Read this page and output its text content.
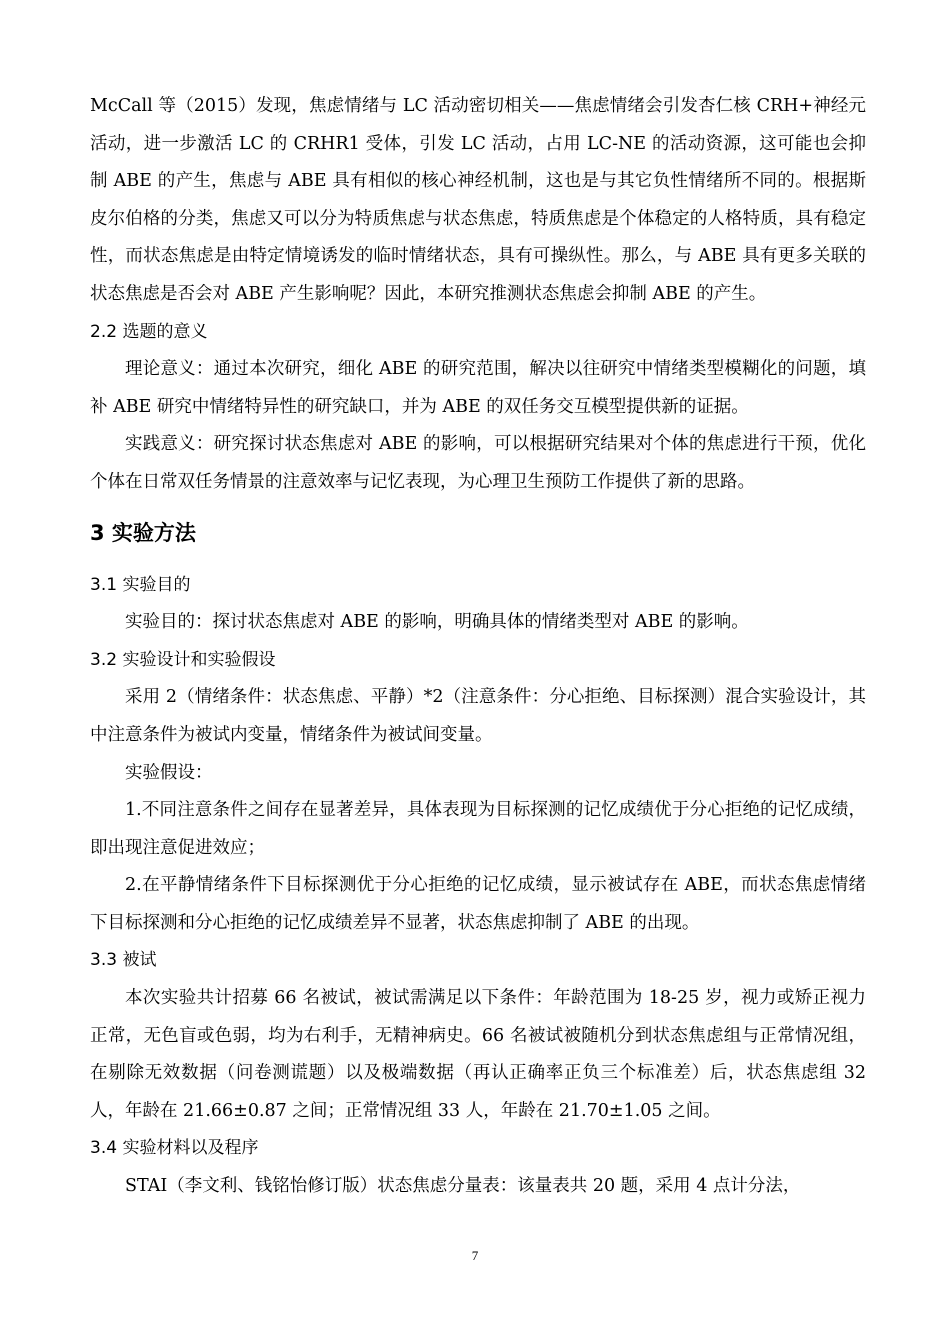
McCall 等（2015）发现，焦虑情绪与 LC 活动密切相关——焦虑情绪会引发杏仁核 CRH+神经元活动，进一步激活 LC 的 CRHR1 受体，引发 LC 活动，占用 LC-NE 的活动资源，这可能也会抑制 ABE 的产生，焦虑与 ABE 具有相似的核心神经机制，这也是与其它负性情绪所不同的。根据斯皮尔伯格的分类，焦虑又可以分为特质焦虑与状态焦虑，特质焦虑是个体稳定的人格特质，具有稳定性，而状态焦虑是由特定情境诱发的临时情绪状态，具有可操纵性。那么，与 ABE 具有更多关联的状态焦虑是否会对 ABE 产生影响呢？因此，本研究推测状态焦虑会抑制 ABE 的产生。

2.2 选题的意义

理论意义：通过本次研究，细化 ABE 的研究范围，解决以往研究中情绪类型模糊化的问题，填补 ABE 研究中情绪特异性的研究缺口，并为 ABE 的双任务交互模型提供新的证据。

实践意义：研究探讨状态焦虑对 ABE 的影响，可以根据研究结果对个体的焦虑进行干预，优化个体在日常双任务情景的注意效率与记忆表现，为心理卫生预防工作提供了新的思路。

3 实验方法

3.1 实验目的

实验目的：探讨状态焦虑对 ABE 的影响，明确具体的情绪类型对 ABE 的影响。

3.2 实验设计和实验假设

采用 2（情绪条件：状态焦虑、平静）*2（注意条件：分心拒绝、目标探测）混合实验设计，其中注意条件为被试内变量，情绪条件为被试间变量。

实验假设：

1.不同注意条件之间存在显著差异，具体表现为目标探测的记忆成绩优于分心拒绝的记忆成绩，即出现注意促进效应；

2.在平静情绪条件下目标探测优于分心拒绝的记忆成绩，显示被试存在 ABE，而状态焦虑情绪下目标探测和分心拒绝的记忆成绩差异不显著，状态焦虑抑制了 ABE 的出现。

3.3 被试

本次实验共计招募 66 名被试，被试需满足以下条件：年龄范围为 18-25 岁，视力或矫正视力正常，无色盲或色弱，均为右利手，无精神病史。66 名被试被随机分到状态焦虑组与正常情况组，在剔除无效数据（问卷测谎题）以及极端数据（再认正确率正负三个标准差）后，状态焦虑组 32 人，年龄在 21.66±0.87 之间；正常情况组 33 人，年龄在 21.70±1.05 之间。

3.4 实验材料以及程序

STAI（李文利、钱铭怡修订版）状态焦虑分量表：该量表共 20 题，采用 4 点计分法，

7
